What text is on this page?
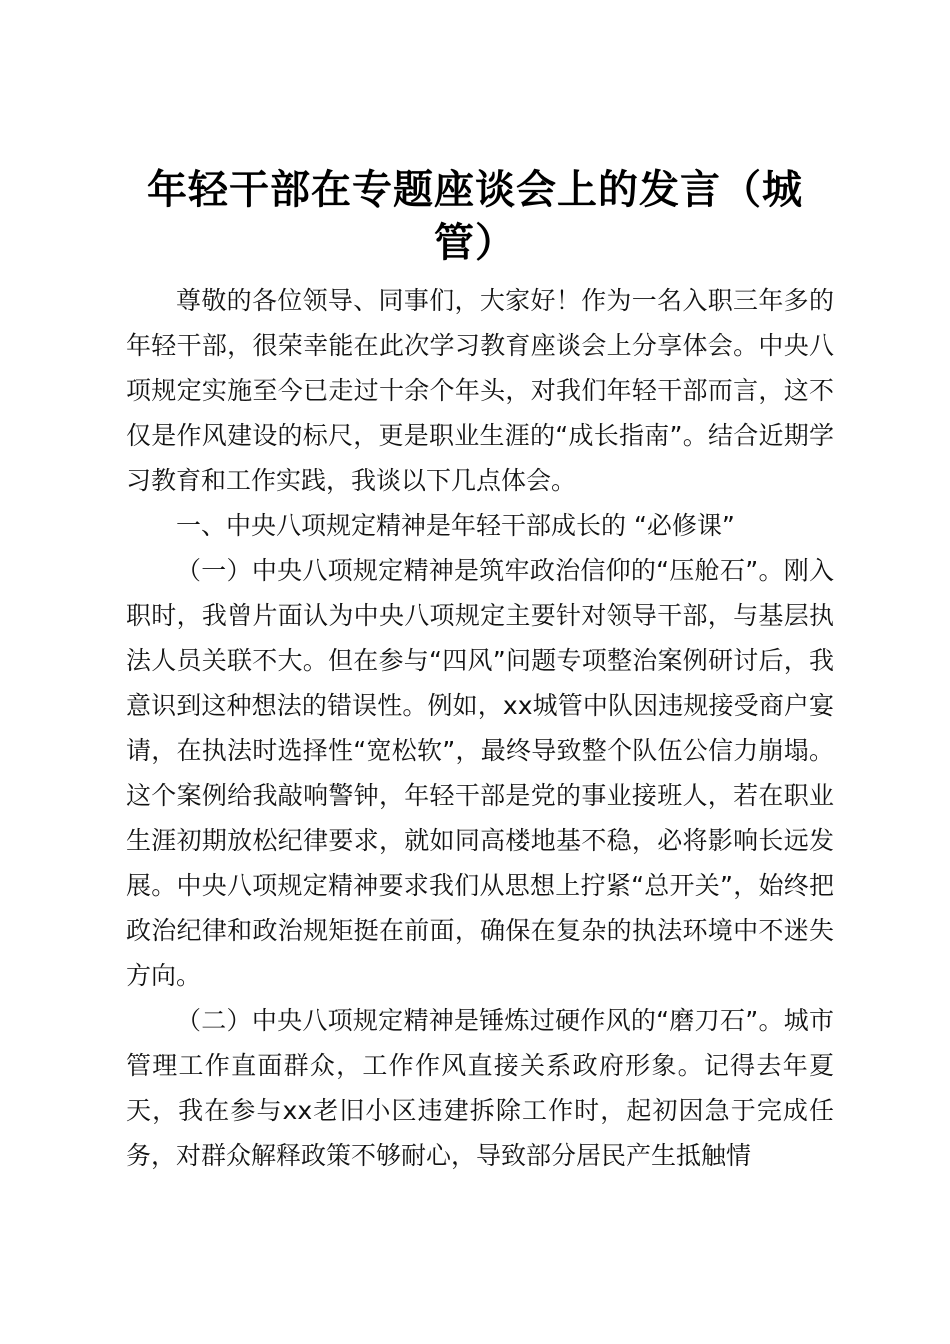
年轻干部在专题座谈会上的发言（城管）

尊敬的各位领导、同事们，大家好！作为一名入职三年多的年轻干部，很荣幸能在此次学习教育座谈会上分享体会。中央八项规定实施至今已走过十余个年头，对我们年轻干部而言，这不仅是作风建设的标尺，更是职业生涯的“成长指南”。结合近期学习教育和工作实践，我谈以下几点体会。

一、中央八项规定精神是年轻干部成长的 “必修课”

（一）中央八项规定精神是筑牢政治信仰的“压舱石”。刚入职时，我曾片面认为中央八项规定主要针对领导干部，与基层执法人员关联不大。但在参与“四风”问题专项整治案例研讨后，我意识到这种想法的错误性。例如，xx城管中队因违规接受商户宴请，在执法时选择性“宽松软”，最终导致整个队伍公信力崩塌。这个案例给我敲响警钟，年轻干部是党的事业接班人，若在职业生涯初期放松纪律要求，就如同高楼地基不稳，必将影响长远发展。中央八项规定精神要求我们从思想上拧紧“总开关”，始终把政治纪律和政治规矩挺在前面，确保在复杂的执法环境中不迷失方向。

（二）中央八项规定精神是锤炼过硬作风的“磨刀石”。城市管理工作直面群众，工作作风直接关系政府形象。记得去年夏天，我在参与xx老旧小区违建拆除工作时，起初因急于完成任务，对群众解释政策不够耐心，导致部分居民产生抵触情
